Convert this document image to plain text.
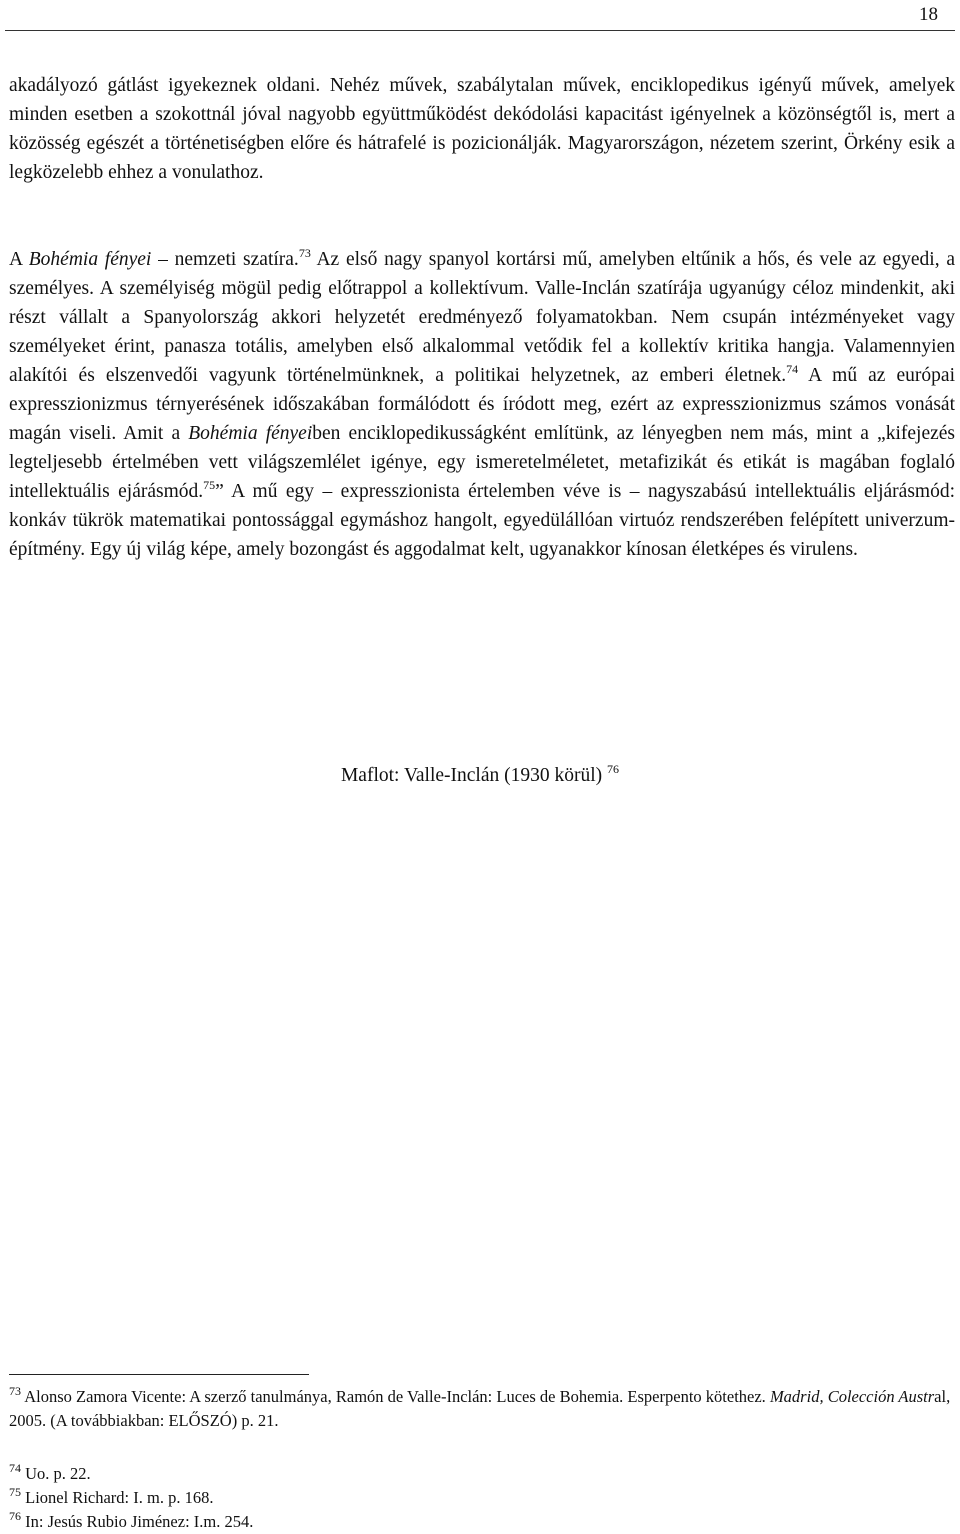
18

akadályozó gátlást igyekeznek oldani. Nehéz művek, szabálytalan művek, enciklopedikus igényű művek, amelyek minden esetben a szokottnál jóval nagyobb együttműködést dekódolási kapacitást igényelnek a közönségtől is, mert a közösség egészét a történetiségben előre és hátrafelé is pozicionálják. Magyarországon, nézetem szerint, Örkény esik a legközelebb ehhez a vonulathoz.

A Bohémia fényei – nemzeti szatíra.$^{73}$ Az első nagy spanyol kortársi mű, amelyben eltűnik a hős, és vele az egyedi, a személyes. A személyiség mögül pedig előtrappol a kollektívum. Valle-Inclán szatírája ugyanúgy céloz mindenkit, aki részt vállalt a Spanyolország akkori helyzetét eredményező folyamatokban. Nem csupán intézményeket vagy személyeket érint, panasza totális, amelyben első alkalommal vetődik fel a kollektív kritika hangja. Valamennyien alakítói és elszenvedői vagyunk történelmünknek, a politikai helyzetnek, az emberi életnek.$^{74}$ A mű az európai expresszionizmus térnyerésének időszakában formálódott és íródott meg, ezért az expresszionizmus számos vonását magán viseli. Amit a Bohémia fényeiben enciklopedikusságként említünk, az lényegben nem más, mint a „kifejezés legteljesebb értelmében vett világszemlélet igénye, egy ismeretelméletet, metafizikát és etikát is magában foglaló intellektuális ejárásmód.$^{75}$” A mű egy – expresszionista értelemben véve is – nagyszabású intellektuális eljárásmód: konkáv tükrök matematikai pontossággal egymáshoz hangolt, egyedülállóan virtuóz rendszerében felépített univerzum-építmény. Egy új világ képe, amely bozongást és aggodalmat kelt, ugyanakkor kínosan életképes és virulens.

Maflot: Valle-Inclán (1930 körül) $^{76}$

$^{73}$ Alonso Zamora Vicente: A szerző tanulmánya, Ramón de Valle-Inclán: Luces de Bohemia. Esperpento kötethez. Madrid, Colección Austral, 2005. (A továbbiakban: ELŐSZÓ) p. 21.

$^{74}$ Uo. p. 22.

$^{75}$ Lionel Richard: I. m. p. 168.

$^{76}$ In: Jesús Rubio Jiménez: I.m. 254.
